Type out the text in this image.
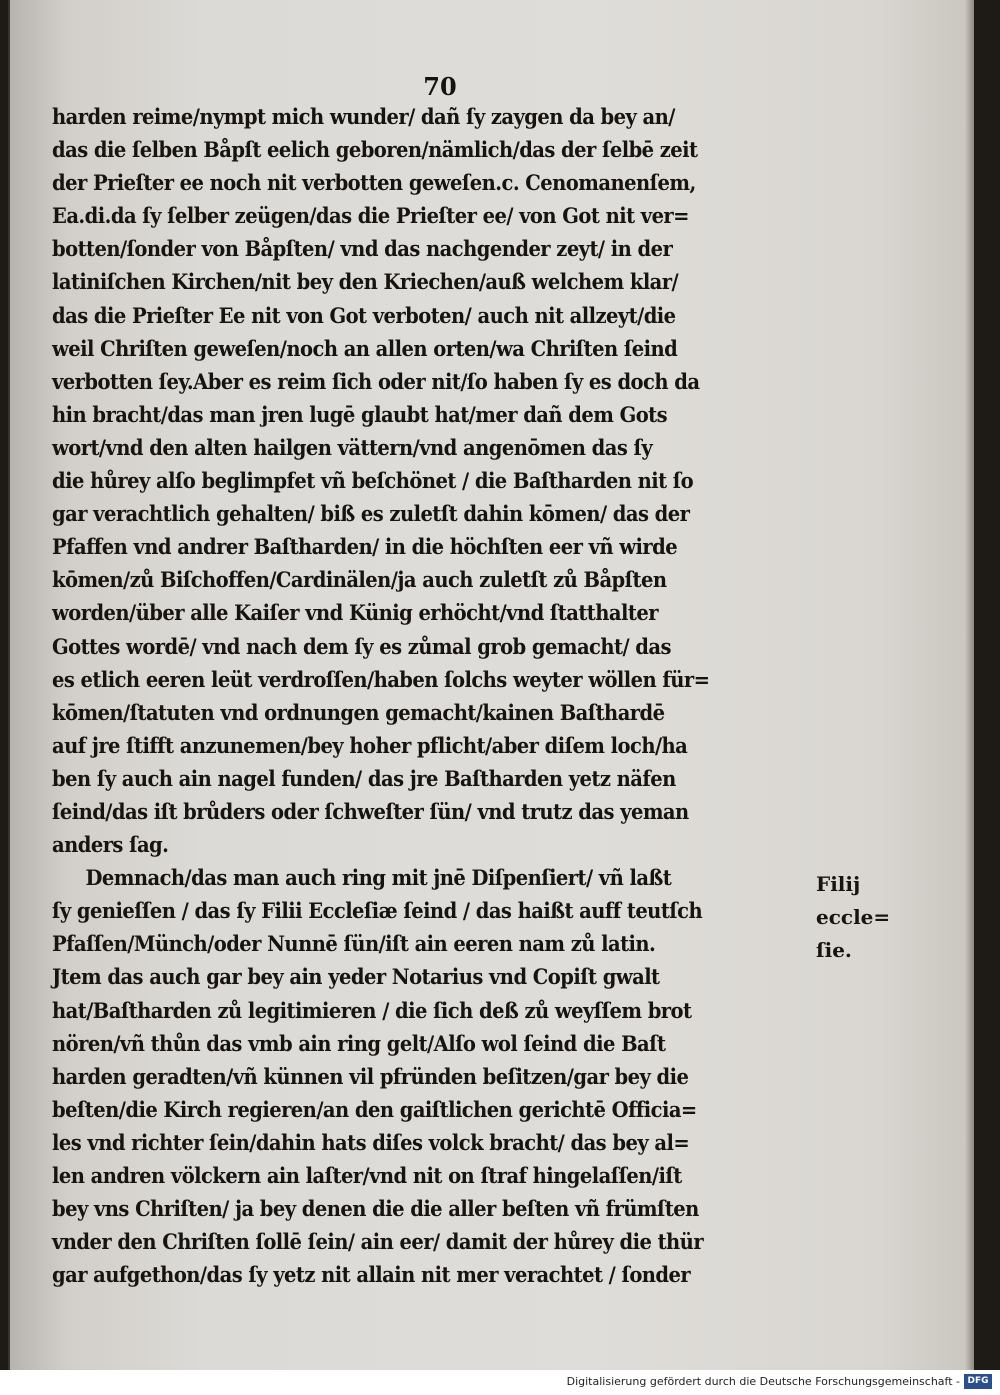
70
harden reime/nympt mich wunder/ dañ ſy zaygen da bey an/
das die ſelben Båpſt eelich geboren/nämlich/das der ſelbē zeit
der Prieſter ee noch nit verbotten geweſen.c. Cenomanenſem,
Ea.di.da ſy ſelber zeügen/das die Prieſter ee/ von Got nit ver=
botten/ſonder von Båpſten/ vnd das nachgender zeyt/ in der
latiniſchen Kirchen/nit bey den Kriechen/auß welchem klar/
das die Prieſter Ee nit von Got verboten/ auch nit allzeyt/die
weil Chriſten geweſen/noch an allen orten/wa Chriſten ſeind
verbotten ſey.Aber es reim ſich oder nit/ſo haben ſy es doch da
hin bracht/das man jren lugē glaubt hat/mer dañ dem Gots
wort/vnd den alten hailgen vättern/vnd angenōmen das ſy
die hůrey alſo beglimpfet vñ beſchönet / die Baſtharden nit ſo
gar verachtlich gehalten/ biß es zuletſt dahin kōmen/ das der
Pfaffen vnd andrer Baſtharden/ in die höchſten eer vñ wirde
kōmen/zů Biſchoffen/Cardinälen/ja auch zuletſt zů Båpſten
worden/über alle Kaiſer vnd Künig erhöcht/vnd ſtatthalter
Gottes wordē/ vnd nach dem ſy es zůmal grob gemacht/ das
es etlich eeren leüt verdroſſen/haben ſolchs weyter wöllen für=
kōmen/ſtatuten vnd ordnungen gemacht/kainen Baſthardē
auf jre ſtifft anzunemen/bey hoher pflicht/aber diſem loch/ha
ben ſy auch ain nagel funden/ das jre Baſtharden yetz näfen
ſeind/das iſt brůders oder ſchweſter ſün/ vnd trutz das yeman
anders ſag.
Demnach/das man auch ring mit jnē Diſpenſiert/ vñ laßt
ſy genieſſen / das ſy Filii Eccleſiæ ſeind / das haißt auff teutſch
Pfaſſen/Münch/oder Nunnē ſün/iſt ain eeren nam zů latin.
Jtem das auch gar bey ain yeder Notarius vnd Copiſt gwalt
hat/Baſtharden zů legitimieren / die ſich deß zů weyſſem brot
nören/vñ thůn das vmb ain ring gelt/Alſo wol ſeind die Baſt
harden geradten/vñ künnen vil pfründen beſitzen/gar bey die
beſten/die Kirch regieren/an den gaiſtlichen gerichtē Officia=
les vnd richter ſein/dahin hats diſes volck bracht/ das bey al=
len andren völckern ain laſter/vnd nit on ſtraf hingelaſſen/iſt
bey vns Chriſten/ ja bey denen die die aller beſten vñ frümſten
vnder den Chriſten ſollē ſein/ ain eer/ damit der hůrey die thür
gar aufgethon/das ſy yetz nit allain nit mer verachtet / ſonder
Filij eccle=
ſie.
Digitalisierung gefördert durch die Deutsche Forschungsgemeinschaft - DFG
